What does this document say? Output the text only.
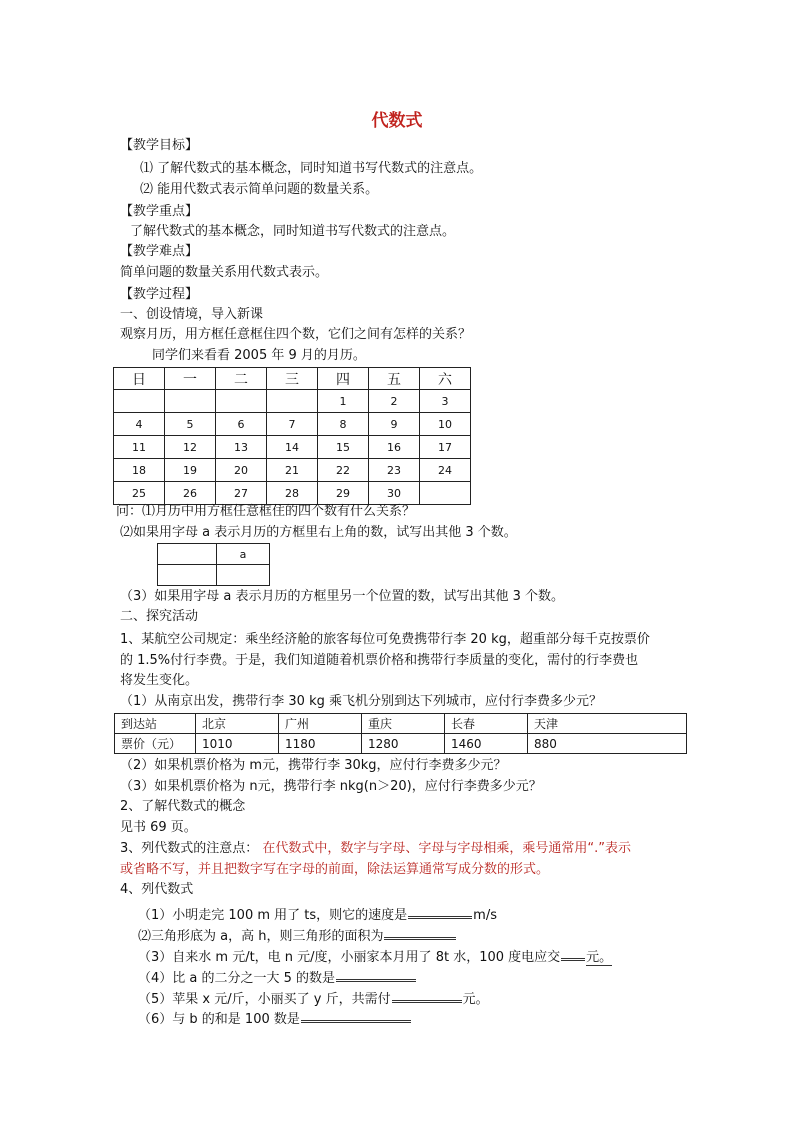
代数式
【教学目标】
⑴ 了解代数式的基本概念，同时知道书写代数式的注意点。
⑵ 能用代数式表示简单问题的数量关系。
【教学重点】
了解代数式的基本概念，同时知道书写代数式的注意点。
【教学难点】
简单问题的数量关系用代数式表示。
【教学过程】
一、创设情境，导入新课
观察月历，用方框任意框住四个数，它们之间有怎样的关系？
同学们来看看 2005 年 9 月的月历。
日	一	二	三	四	五	六
				1	2	3
4	5	6	7	8	9	10
11	12	13	14	15	16	17
18	19	20	21	22	23	24
25	26	27	28	29	30	
问：⑴月历中用方框任意框住的四个数有什么关系？
⑵如果用字母 a 表示月历的方框里右上角的数，试写出其他 3 个数。
	a

（3）如果用字母 a 表示月历的方框里另一个位置的数，试写出其他 3 个数。
二、探究活动
1、某航空公司规定：乘坐经济舱的旅客每位可免费携带行李 20 kg，超重部分每千克按票价
的 1.5%付行李费。于是，我们知道随着机票价格和携带行李质量的变化，需付的行李费也
将发生变化。
（1）从南京出发，携带行李 30 kg 乘飞机分别到达下列城市，应付行李费多少元？
到达站	北京	广州	重庆	长春	天津
票价（元）	1010	1180	1280	1460	880
（2）如果机票价格为 m元，携带行李 30kg，应付行李费多少元？
（3）如果机票价格为 n元，携带行李 nkg(n＞20)，应付行李费多少元？
2、了解代数式的概念
见书 69 页。
3、列代数式的注意点： 在代数式中，数字与字母、字母与字母相乘，乘号通常用“.”表示
或省略不写，并且把数字写在字母的前面，除法运算通常写成分数的形式。
4、列代数式
（1）小明走完 100 m 用了 ts，则它的速度是	m/s
⑵三角形底为 a，高 h，则三角形的面积为
（3）自来水 m 元/t，电 n 元/度，小丽家本月用了 8t 水，100 度电应交 元。
（4）比 a 的二分之一大 5 的数是
（5）苹果 x 元/斤，小丽买了 y 斤，共需付	元。
（6）与 b 的和是 100 数是
